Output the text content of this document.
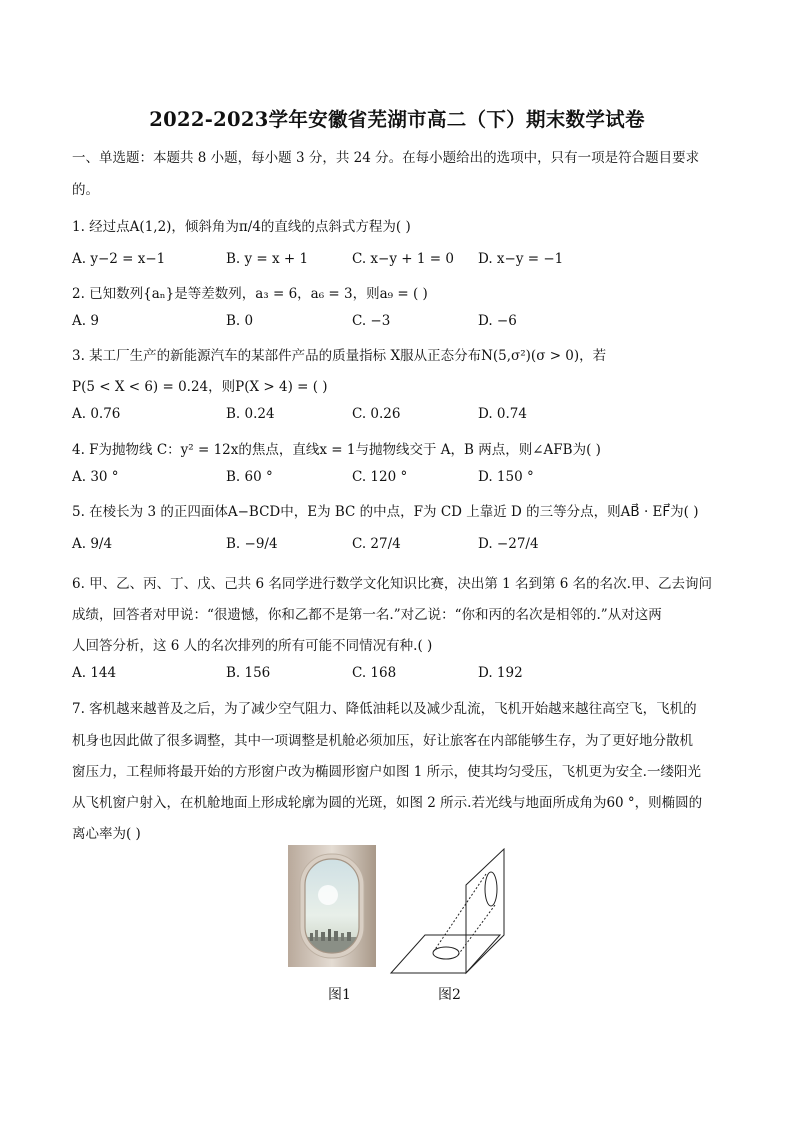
2022-2023学年安徽省芜湖市高二（下）期末数学试卷
一、单选题：本题共 8 小题，每小题 3 分，共 24 分。在每小题给出的选项中，只有一项是符合题目要求
的。
1. 经过点A(1,2)，倾斜角为π/4的直线的点斜式方程为( )
A. y−2 = x−1	B. y = x + 1	C. x−y + 1 = 0 D. x−y = −1
2. 已知数列{aₙ}是等差数列，a₃ = 6，a₆ = 3，则a₉ = ( )
A. 9	B. 0	C. −3	D. −6
3. 某工厂生产的新能源汽车的某部件产品的质量指标 X服从正态分布N(5,σ²)(σ > 0)，若
P(5 < X < 6) = 0.24，则P(X > 4) = ( )
A. 0.76	B. 0.24	C. 0.26	D. 0.74
4. F为抛物线 C：y² = 12x的焦点，直线x = 1与抛物线交于 A，B 两点，则∠AFB为( )
A. 30 °	B. 60 °	C. 120 °	D. 150 °
5. 在棱长为 3 的正四面体A−BCD中，E为 BC 的中点，F为 CD 上靠近 D 的三等分点，则AB⃗ · EF⃗为( )
A. 9/4	B. −9/4	C. 27/4	D. −27/4
6. 甲、乙、丙、丁、戊、己共 6 名同学进行数学文化知识比赛，决出第 1 名到第 6 名的名次.甲、乙去询问
成绩，回答者对甲说：“很遗憾，你和乙都不是第一名.”对乙说：“你和丙的名次是相邻的.”从对这两
人回答分析，这 6 人的名次排列的所有可能不同情况有种.( )
A. 144	B. 156	C. 168	D. 192
7. 客机越来越普及之后，为了减少空气阻力、降低油耗以及减少乱流，飞机开始越来越往高空飞，飞机的
机身也因此做了很多调整，其中一项调整是机舱必须加压，好让旅客在内部能够生存，为了更好地分散机
窗压力，工程师将最开始的方形窗户改为椭圆形窗户如图 1 所示，使其均匀受压，飞机更为安全.一缕阳光
从飞机窗户射入，在机舱地面上形成轮廓为圆的光斑，如图 2 所示.若光线与地面所成角为60 °，则椭圆的
离心率为( )
图1	图2
